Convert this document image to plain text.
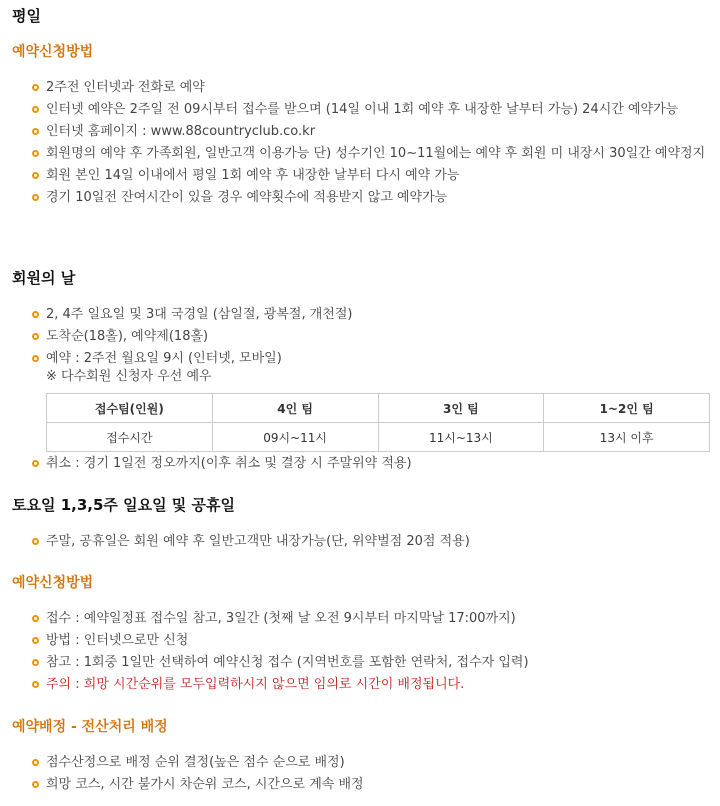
평일
예약신청방법
2주전 인터넷과 전화로 예약
인터넷 예약은 2주일 전 09시부터 접수를 받으며 (14일 이내 1회 예약 후 내장한 날부터 가능) 24시간 예약가능
인터넷 홈페이지 : www.88countryclub.co.kr
회원명의 예약 후 가족회원, 일반고객 이용가능 단) 성수기인 10~11월에는 예약 후 회원 미 내장시 30일간 예약정지
회원 본인 14일 이내에서 평일 1회 예약 후 내장한 날부터 다시 예약 가능
경기 10일전 잔여시간이 있을 경우 예약횟수에 적용받지 않고 예약가능
회원의 날
2, 4주 일요일 및 3대 국경일 (삼일절, 광복절, 개천절)
도착순(18홀), 예약제(18홀)
예약 : 2주전 월요일 9시 (인터넷, 모바일)
※ 다수회원 신청자 우선 예우
접수팀(인원)	4인 팀	3인 팀	1~2인 팀
접수시간	09시~11시	11시~13시	13시 이후
취소 : 경기 1일전 정오까지(이후 취소 및 결장 시 주말위약 적용)
토요일 1,3,5주 일요일 및 공휴일
주말, 공휴일은 회원 예약 후 일반고객만 내장가능(단, 위약벌점 20점 적용)
예약신청방법
접수 : 예약일정표 접수일 참고, 3일간 (첫째 날 오전 9시부터 마지막날 17:00까지)
방법 : 인터넷으로만 신청
참고 : 1회중 1일만 선택하여 예약신청 접수 (지역번호를 포함한 연락처, 접수자 입력)
주의 : 희망 시간순위를 모두입력하시지 않으면 임의로 시간이 배정됩니다.
예약배정 - 전산처리 배정
점수산정으로 배정 순위 결정(높은 점수 순으로 배정)
희망 코스, 시간 불가시 차순위 코스, 시간으로 계속 배정
